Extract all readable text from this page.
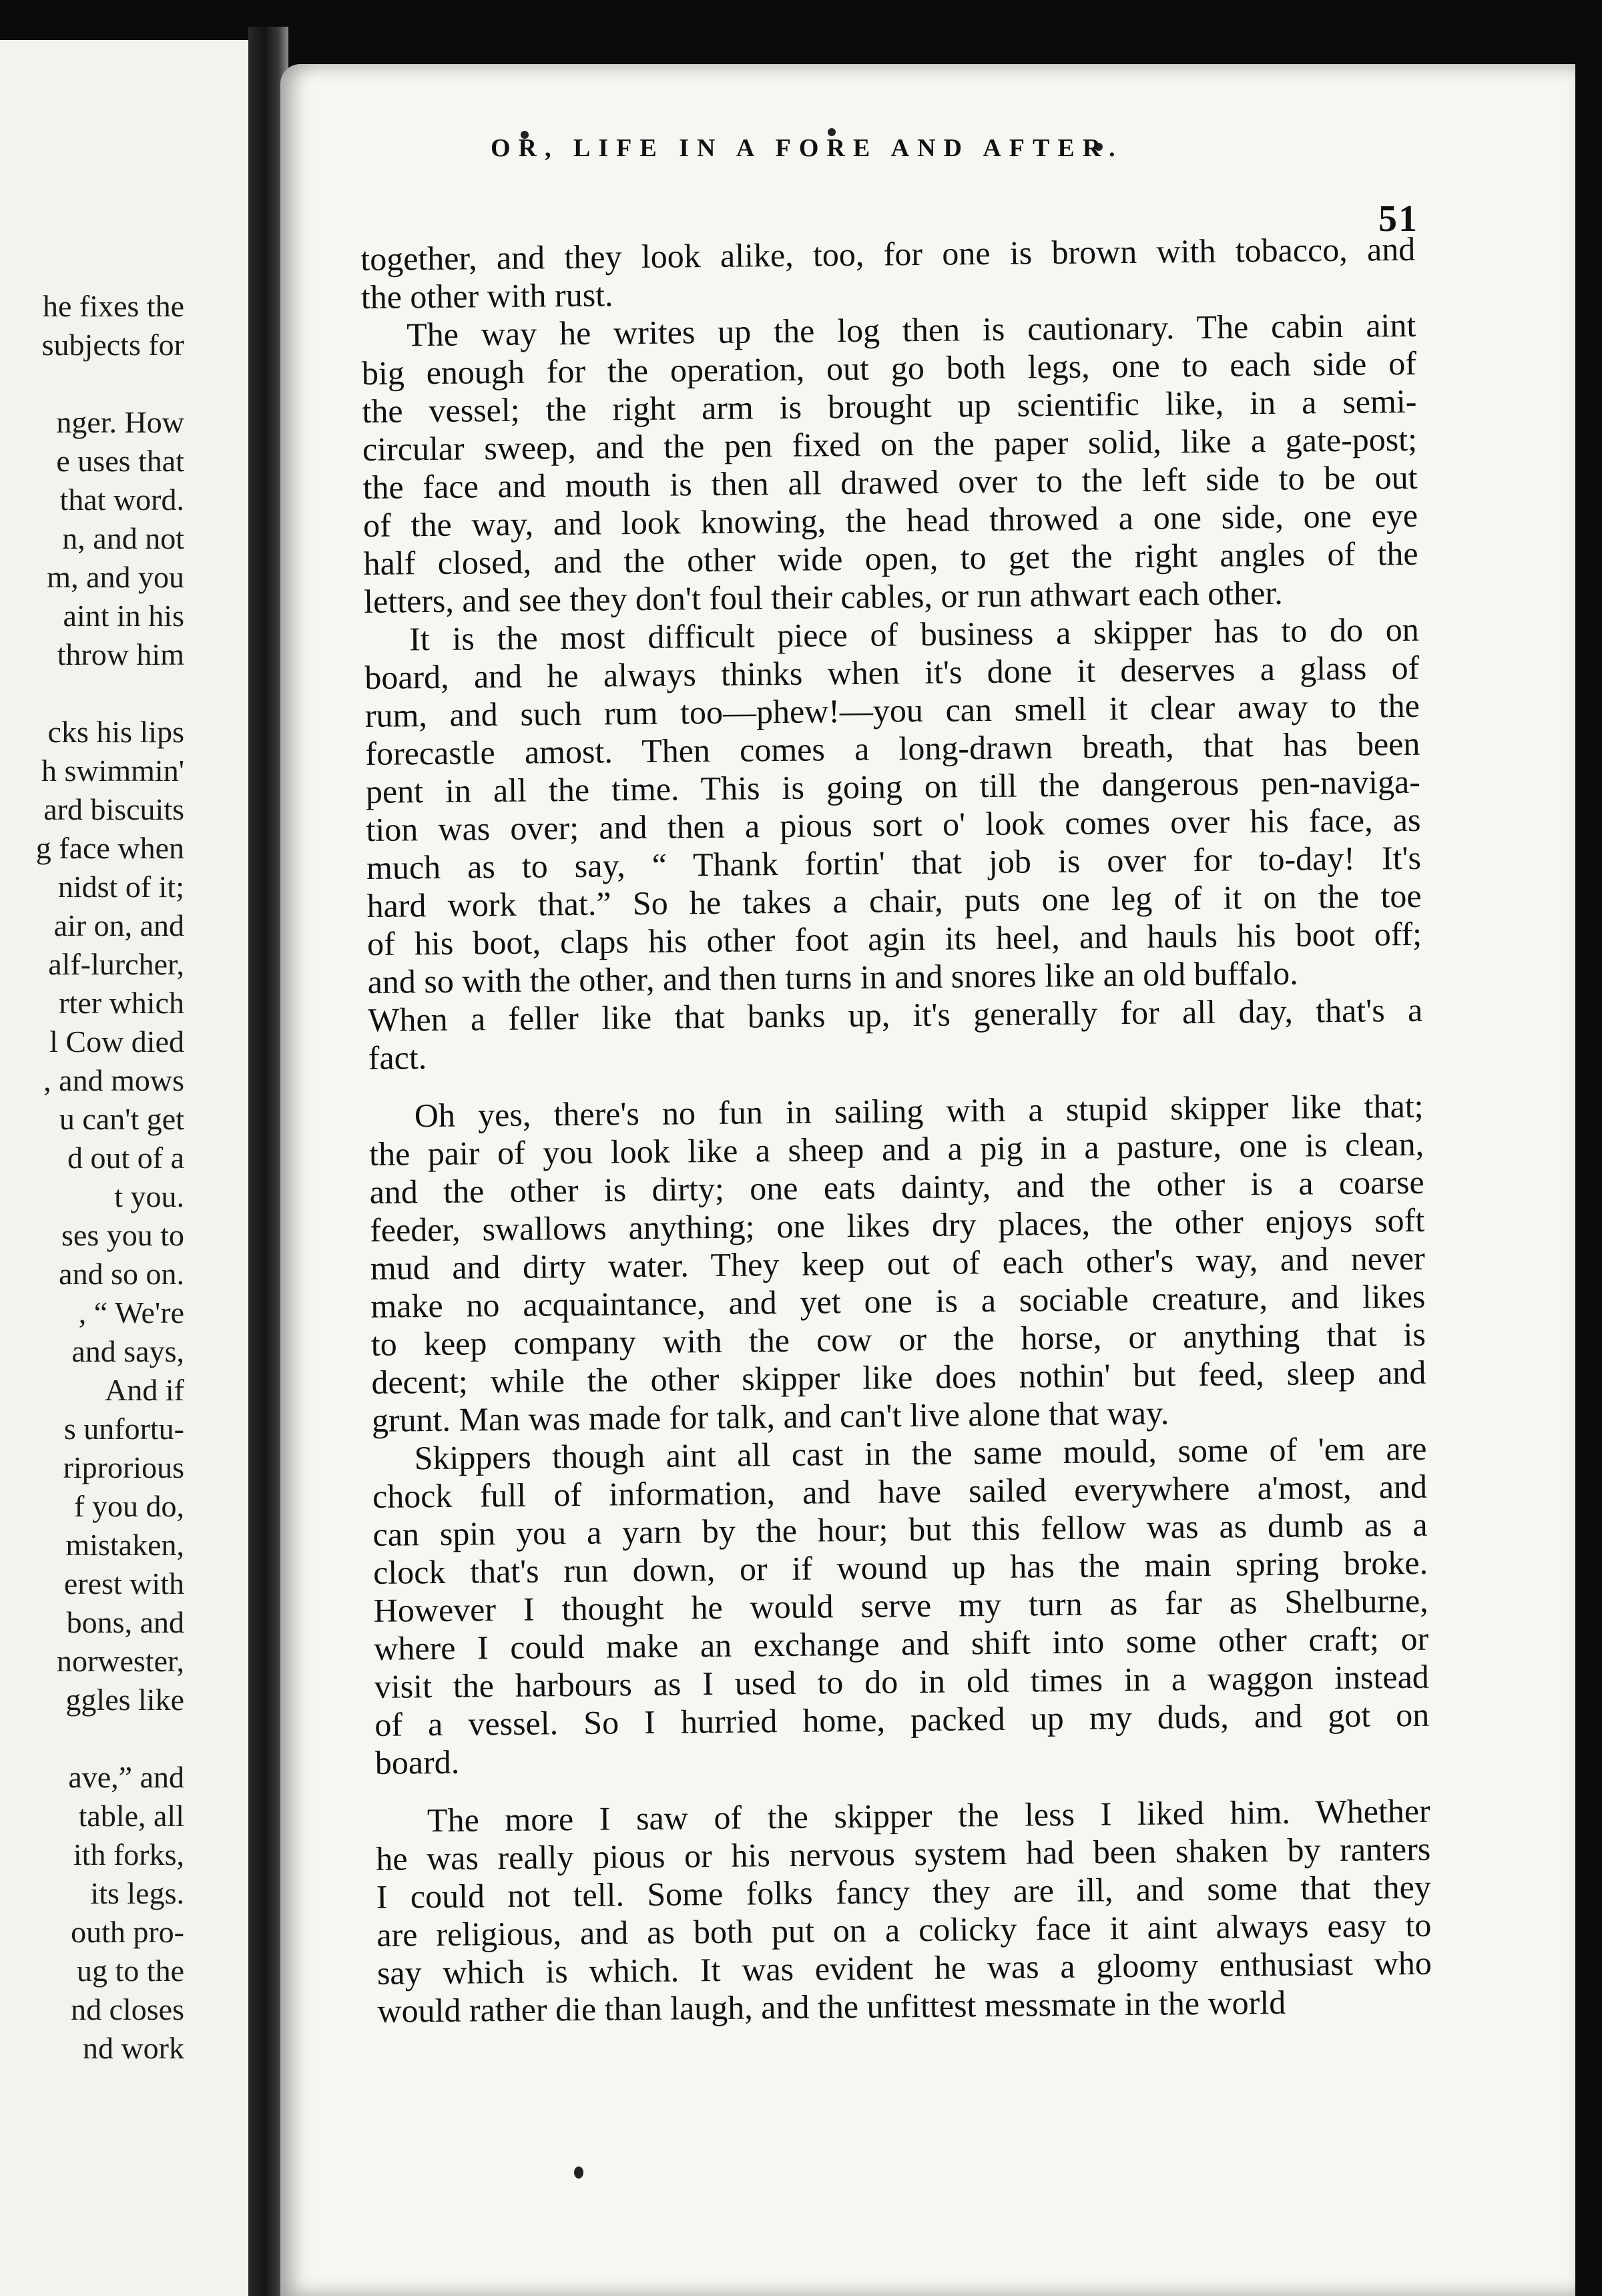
he fixes the
subjects for
nger. How
e uses that
that word.
n, and not
m, and you
aint in his
throw him
cks his lips
h swimmin'
ard biscuits
g face when
nidst of it;
air on, and
alf-lurcher,
rter which
l Cow died
, and mows
u can't get
d out of a
t you.
ses you to
and so on.
, “ We're
and says,
And if
s unfortu-
riprorious
f you do,
mistaken,
erest with
bons, and
norwester,
ggles like
ave,” and
table, all
ith forks,
its legs.
outh pro-
ug to the
nd closes
nd work
OR, LIFE IN A FORE AND AFTER.
51
together, and they look alike, too, for one is brown with tobacco, and
the other with rust.
The way he writes up the log then is cautionary. The cabin aint
big enough for the operation, out go both legs, one to each side of
the vessel; the right arm is brought up scientific like, in a semi-
circular sweep, and the pen fixed on the paper solid, like a gate-post;
the face and mouth is then all drawed over to the left side to be out
of the way, and look knowing, the head throwed a one side, one eye
half closed, and the other wide open, to get the right angles of the
letters, and see they don't foul their cables, or run athwart each other.
It is the most difficult piece of business a skipper has to do on
board, and he always thinks when it's done it deserves a glass of
rum, and such rum too—phew!—you can smell it clear away to the
forecastle amost. Then comes a long-drawn breath, that has been
pent in all the time. This is going on till the dangerous pen-naviga-
tion was over; and then a pious sort o' look comes over his face, as
much as to say, “ Thank fortin' that job is over for to-day! It's
hard work that.” So he takes a chair, puts one leg of it on the toe
of his boot, claps his other foot agin its heel, and hauls his boot off;
and so with the other, and then turns in and snores like an old buffalo.
When a feller like that banks up, it's generally for all day, that's a
fact.
Oh yes, there's no fun in sailing with a stupid skipper like that;
the pair of you look like a sheep and a pig in a pasture, one is clean,
and the other is dirty; one eats dainty, and the other is a coarse
feeder, swallows anything; one likes dry places, the other enjoys soft
mud and dirty water. They keep out of each other's way, and never
make no acquaintance, and yet one is a sociable creature, and likes
to keep company with the cow or the horse, or anything that is
decent; while the other skipper like does nothin' but feed, sleep and
grunt. Man was made for talk, and can't live alone that way.
Skippers though aint all cast in the same mould, some of 'em are
chock full of information, and have sailed everywhere a'most, and
can spin you a yarn by the hour; but this fellow was as dumb as a
clock that's run down, or if wound up has the main spring broke.
However I thought he would serve my turn as far as Shelburne,
where I could make an exchange and shift into some other craft; or
visit the harbours as I used to do in old times in a waggon instead
of a vessel. So I hurried home, packed up my duds, and got on
board.
The more I saw of the skipper the less I liked him. Whether
he was really pious or his nervous system had been shaken by ranters
I could not tell. Some folks fancy they are ill, and some that they
are religious, and as both put on a colicky face it aint always easy to
say which is which. It was evident he was a gloomy enthusiast who
would rather die than laugh, and the unfittest messmate in the world
